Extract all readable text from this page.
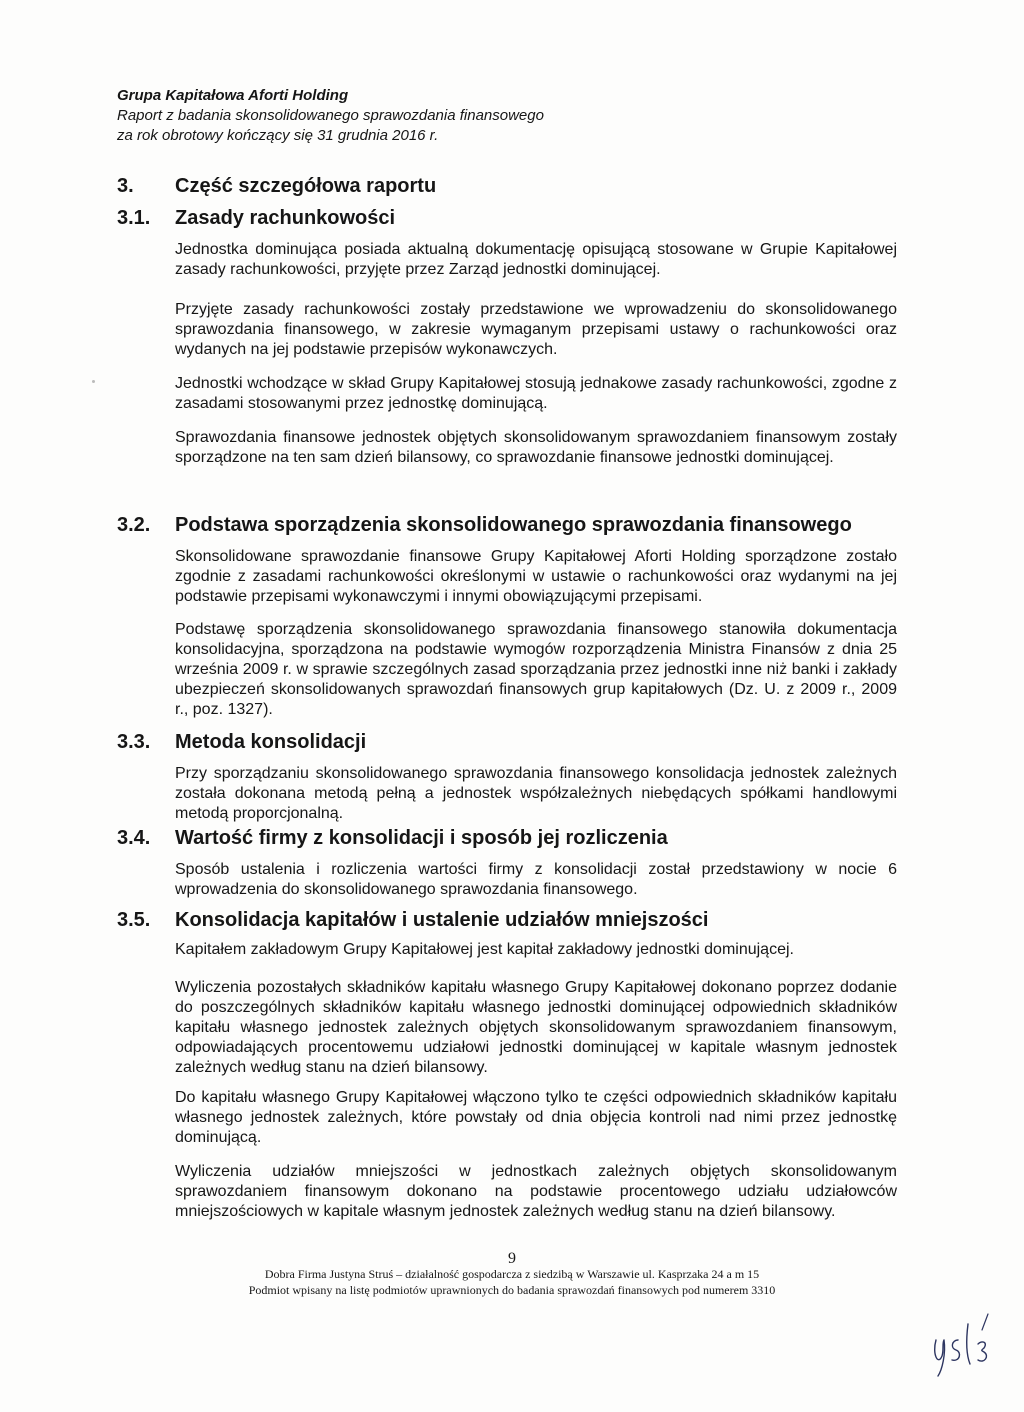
Grupa Kapitałowa Aforti Holding
Raport z badania skonsolidowanego sprawozdania finansowego
za rok obrotowy kończący się 31 grudnia 2016 r.
3.	Część szczegółowa raportu
3.1.	Zasady rachunkowości

Jednostka dominująca posiada aktualną dokumentację opisującą stosowane w Grupie Kapitałowej zasady rachunkowości, przyjęte przez Zarząd jednostki dominującej.

Przyjęte zasady rachunkowości zostały przedstawione we wprowadzeniu do skonsolidowanego sprawozdania finansowego, w zakresie wymaganym przepisami ustawy o rachunkowości oraz wydanych na jej podstawie przepisów wykonawczych.

Jednostki wchodzące w skład Grupy Kapitałowej stosują jednakowe zasady rachunkowości, zgodne z zasadami stosowanymi przez jednostkę dominującą.

Sprawozdania finansowe jednostek objętych skonsolidowanym sprawozdaniem finansowym zostały sporządzone na ten sam dzień bilansowy, co sprawozdanie finansowe jednostki dominującej.

3.2.	Podstawa sporządzenia skonsolidowanego sprawozdania finansowego

Skonsolidowane sprawozdanie finansowe Grupy Kapitałowej Aforti Holding sporządzone zostało zgodnie z zasadami rachunkowości określonymi w ustawie o rachunkowości oraz wydanymi na jej podstawie przepisami wykonawczymi i innymi obowiązującymi przepisami.

Podstawę sporządzenia skonsolidowanego sprawozdania finansowego stanowiła dokumentacja konsolidacyjna, sporządzona na podstawie wymogów rozporządzenia Ministra Finansów z dnia 25 września 2009 r. w sprawie szczególnych zasad sporządzania przez jednostki inne niż banki i zakłady ubezpieczeń skonsolidowanych sprawozdań finansowych grup kapitałowych (Dz. U. z 2009 r., 2009 r., poz. 1327).

3.3.	Metoda konsolidacji

Przy sporządzaniu skonsolidowanego sprawozdania finansowego konsolidacja jednostek zależnych została dokonana metodą pełną a jednostek współzależnych niebędących spółkami handlowymi metodą proporcjonalną.

3.4.	Wartość firmy z konsolidacji i sposób jej rozliczenia

Sposób ustalenia i rozliczenia wartości firmy z konsolidacji został przedstawiony w nocie 6 wprowadzenia do skonsolidowanego sprawozdania finansowego.

3.5.	Konsolidacja kapitałów i ustalenie udziałów mniejszości

Kapitałem zakładowym Grupy Kapitałowej jest kapitał zakładowy jednostki dominującej.

Wyliczenia pozostałych składników kapitału własnego Grupy Kapitałowej dokonano poprzez dodanie do poszczególnych składników kapitału własnego jednostki dominującej odpowiednich składników kapitału własnego jednostek zależnych objętych skonsolidowanym sprawozdaniem finansowym, odpowiadających procentowemu udziałowi jednostki dominującej w kapitale własnym jednostek zależnych według stanu na dzień bilansowy.

Do kapitału własnego Grupy Kapitałowej włączono tylko te części odpowiednich składników kapitału własnego jednostek zależnych, które powstały od dnia objęcia kontroli nad nimi przez jednostkę dominującą.

Wyliczenia udziałów mniejszości w jednostkach zależnych objętych skonsolidowanym sprawozdaniem finansowym dokonano na podstawie procentowego udziału udziałowców mniejszościowych w kapitale własnym jednostek zależnych według stanu na dzień bilansowy.

9
Dobra Firma Justyna Struś – działalność gospodarcza z siedzibą w Warszawie ul. Kasprzaka 24 a m 15
Podmiot wpisany na listę podmiotów uprawnionych do badania sprawozdań finansowych pod numerem 3310
